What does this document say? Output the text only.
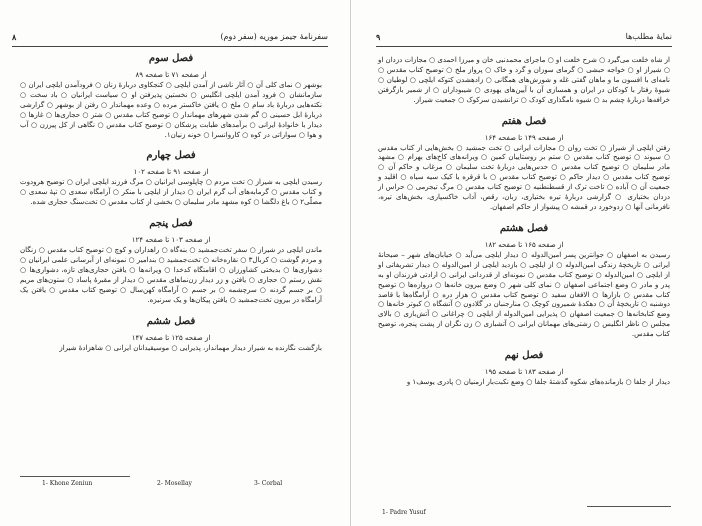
سفرنامهٔ جیمز موریه (سفر دوم)
۸
فصل سوم
از صفحه ۷۱ تا صفحه ۸۹

بوشهر ○ نمای کلی آن ○ آثار ناشی از آمدن ایلچی ○ کنجکاوی دربارهٔ زنان ○ فرودآمدن ایلچی ایران ○ سازمانشان ○ فرود آمدن ایلچی انگلیس ○ نخستین پذیرفتن او ○ سیاست ایرانیان ○ باد سخت ○ نکته‌هایی دربارهٔ باد سام ○ ملخ ○ یافتن خاکستر مرده ○ وعده مهماندار ○ رفتن از بوشهر ○ گزارشی دربارهٔ ابل حسینی ○ گم شدن شهرهای مهماندار ○ توضیح کتاب مقدس ○ شتر ○ حجاری‌ها ○ غارها ○ دیدار با خانوادهٔ ایرانی ○ برآمدهای طبابت پزشکان ○ توضیح کتاب مقدس ○ نگاهی از کل پیرزن ○ آب و هوا ○ سواراتی در کوه ○ کاروانسرا ○ خونه زنیان۱.

فصل چهارم
از صفحه ۹۱ تا صفحه ۱۰۲

رسیدن ایلچی به شیراز ○ تخت مردم ○ چاپلوسی ایرانیان ○ مرگ فرزند ایلچی ایران ○ توضیح هرودوت و کتاب مقدس ○ گرمابه‌های آب گرم ایران ○ دیدار از ایلچی با منکر ○ آرامگاه سعدی ○ تپهٔ سعدی ○ مصلّی۲ ○ باغ دلگشا ○ کوه مشهد مادر سلیمان ○ بخشی از کتاب مقدس ○ تخت‌سنگ حجاری شده.

فصل پنجم
از صفحه ۱۰۳ تا صفحه ۱۲۴

ماندن ایلچی در شیراز ○ سفر تخت‌جمشید ○ بنه‌گاه ○ راهداران و کوچ ○ توضیح کتاب مقدس ○ زنگان و مردم گوشت ○ کربال۳ ○ نقاره‌خانه ○ تخت‌جمشید ○ بندامیر ○ نمونه‌ای از آبرسانی علمی ایرانیان ○ دشواری‌ها ○ بدبختی کشاورزان ○ اقامتگاه کدخدا ○ ویرانه‌ها ○ یافتن حجاری‌های تازه، دشواری‌ها ○ نقش رستم ○ حجاری ○ یافتن و زر دیدار زن‌نماهای مقدس ○ دیدار از مقبرهٔ پاساد ○ ستون‌های مریم ○ بر جسم گردنه ○ سرچشمه ○ بر جسم ○ آرامگاه کهن‌سال ○ توضیح کتاب مقدس ○ یافتن یک آرامگاه در بیرون تخت‌جمشید ○ یافتن پیکان‌ها و یک سرنیزه.

فصل ششم
از صفحه ۱۲۵ تا صفحه ۱۴۷

بازگشت نگارنده به شیراز دیدار مهماندار، پذیرایی ○ موسیقیدانان ایرانی ○ شاهزادهٔ شیراز

1- Khone Zeniun	2- Mosellay	3- Corbal
نمایهٔ مطلب‌ها
۹

از شاه خلعت می‌گیرد ○ شرح خلعت او ○ ماجرای محمدنبی خان و میرزا احمدی ○ مجازات دزدان او ○ شیراز او ○ خواجه حبشی ○ گرمای سوزان و گرد و خاک ○ پرواز ملخ ○ توضیح کتاب مقدس ○ نامه‌ای با افسون ما و ماهان گفتی غله و شورش‌های همگانی ○ زادهشدن کتوکه ایلچی ○ لوطیان ○ شیوهٔ رفتار با کودکان در ایران و همسازی آن با آیین‌های یهودی ○ شیبوداران ○ از شمیر بازگرفتن خرافه‌ها دربارهٔ چشم بد ○ شیوه نامگذاری کودک ○ ترانشیدن سرکوک ○ جمعیت شیراز.

فصل هفتم
از صفحه ۱۴۹ تا صفحه ۱۶۴

رفتن ایلچی از شیراز ○ تخت روان ○ مجازات ایرانی ○ تخت جمشید ○ بخش‌هایی از کتاب مقدس ○ سیوند ○ توضیح کتاب مقدس ○ ستم بر روستاییان کمین ○ ویرانه‌های کاخ‌های بهرام ○ مشهد مادر سلیمان ○ توضیح کتاب مقدس ○ حدس‌هایی دربارهٔ تخت سلیمان ○ مرغاب و حاکم آن ○ توضیح کتاب مقدس ○ دیدار حاکم ○ توضیح کتاب مقدس ○ با قرقره یا کیک سیه سیاه ○ اقلید و جمعیت آن ○ آباده ○ تاخت ترک از قسطنطنیه ○ توضیح کتاب مقدس ○ مرگ تیجرمی ○ حراس از دزدان بختیاری ○ گزارشی دربارهٔ تیره بختیاری، زبان، رقص، آداب خاکسپاری، بخش‌های تیره، نافرمانی آنها ○ زدوخورد در قمشه ○ پیشواز از حاکم اصفهان.

فصل هشتم
از صفحه ۱۶۵ تا صفحه ۱۸۲

رسیدن به اصفهان ○ جوانترین پسر امین‌الدوله ○ دیدار ایلچی می‌آید ○ خیابان‌های شهر – صیحانهٔ ایرانی ○ تاریخچهٔ زندگی امین‌الدوله ○ از ایلچی ○ بازدید ایلچی از امین‌الدوله ○ دیدار تشریفاتی او از ایلچی ○ امین‌الدوله ○ توضیح کتاب مقدس ○ نمونه‌ای از قدردانی ایرانی ○ ارادتی فرزندان او به پدر و مادر ○ وضع اجتماعی اصفهان ○ نمای کلی شهر ○ وضع بیرون خانه‌ها ○ دروازه‌ها ○ توضیح کتاب مقدس ○ بازارها ○ الافغان سفید ○ توضیح کتاب مقدس ○ هزار دره ○ آرامگاه‌ها با قاصد دوشنبه ○ تاریخچهٔ آن ○ دهکدهٔ شمیرون کوچک ○ منارجنبان در گلادون ○ آتشگاه ○ کبوتر خانه‌ها ○ وضع کتابخانه‌ها ○ جمعیت اصفهان ○ پذیرایی امین‌الدوله از ایلچی ○ چراغانی ○ آتش‌بازی ○ بالای مجلس ○ ناظر انگلیس ○ زشتی‌های مهمانان ایرانی ○ آتشبازی ○ زن نگران از پشت پنجره، توضیح کتاب مقدس.

فصل نهم
از صفحه ۱۸۳ تا صفحه ۱۹۵

دیدار از جلفا ○ بازمانده‌های شکوه گذشتهٔ جلفا ○ وضع نکبت‌بار ارمنیان ○ پادری یوسف۱ و

1- Padre Yusuf
